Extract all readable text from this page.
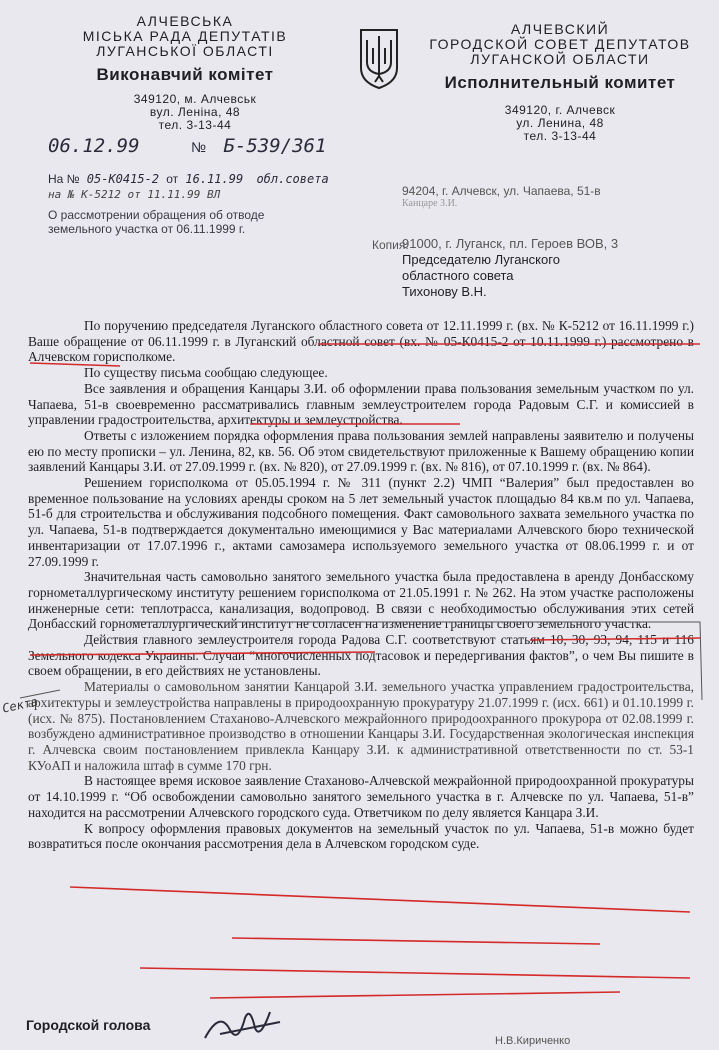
АЛЧЕВСЬКА
МІСЬКА РАДА ДЕПУТАТІВ
ЛУГАНСЬКОЇ ОБЛАСТІ
Виконавчий комітет
349120, м. Алчевськ
вул. Леніна, 48
тел. 3-13-44
АЛЧЕВСКИЙ
ГОРОДСКОЙ СОВЕТ ДЕПУТАТОВ
ЛУГАНСКОЙ ОБЛАСТИ
Исполнительный комитет
349120, г. Алчевск
ул. Ленина, 48
тел. 3-13-44
06.12.99	№ Б-539/361
На № 05-К0415-2 от 16.11.99 обл.совета
на № К-5212 от 11.11.99 ВЛ
О рассмотрении обращения об отводе земельного участка от 06.11.1999 г.
94204, г. Алчевск, ул. Чапаева, 51-в
Канцаре З.И.
Копия:
91000, г. Луганск, пл. Героев ВОВ, 3
Председателю Луганского
областного совета
Тихонову В.Н.

По поручению председателя Луганского областного совета от 12.11.1999 г. (вх. № К-5212 от 16.11.1999 г.) Ваше обращение от 06.11.1999 г. в Луганский областной совет (вх. № 05-К0415-2 от 10.11.1999 г.) рассмотрено в Алчевском горисполкоме.

По существу письма сообщаю следующее.

Все заявления и обращения Канцары З.И. об оформлении права пользования земельным участком по ул. Чапаева, 51-в своевременно рассматривались главным землеустроителем города Радовым С.Г. и комиссией в управлении градостроительства, архитектуры и землеустройства.

Ответы с изложением порядка оформления права пользования землей направлены заявителю и получены ею по месту прописки – ул. Ленина, 82, кв. 56. Об этом свидетельствуют приложенные к Вашему обращению копии заявлений Канцары З.И. от 27.09.1999 г. (вх. № 820), от 27.09.1999 г. (вх. № 816), от 07.10.1999 г. (вх. № 864).

Решением горисполкома от 05.05.1994 г. № 311 (пункт 2.2) ЧМП “Валерия” был предоставлен во временное пользование на условиях аренды сроком на 5 лет земельный участок площадью 84 кв.м по ул. Чапаева, 51-б для строительства и обслуживания подсобного помещения. Факт самовольного захвата земельного участка по ул. Чапаева, 51-в подтверждается документально имеющимися у Вас материалами Алчевского бюро технической инвентаризации от 17.07.1996 г., актами самозамера используемого земельного участка от 08.06.1999 г. и от 27.09.1999 г.

Значительная часть самовольно занятого земельного участка была предоставлена в аренду Донбасскому горнометаллургическому институту решением горисполкома от 21.05.1991 г. № 262. На этом участке расположены инженерные сети: теплотрасса, канализация, водопровод. В связи с необходимостью обслуживания этих сетей Донбасский горнометаллургический институт не согласен на изменение границы своего земельного участка.

Действия главного землеустроителя города Радова С.Г. соответствуют статьям 10, 30, 93, 94, 115 и 116 Земельного кодекса Украины. Случаи “многочисленных подтасовок и передергивания фактов”, о чем Вы пишите в своем обращении, в его действиях не установлены.

Материалы о самовольном занятии Канцарой З.И. земельного участка управлением градостроительства, архитектуры и землеустройства направлены в природоохранную прокуратуру 21.07.1999 г. (исх. 661) и 01.10.1999 г. (исх. № 875). Постановлением Стаханово-Алчевского межрайонного природоохранного прокурора от 02.08.1999 г. возбуждено административное производство в отношении Канцары З.И. Государственная экологическая инспекция г. Алчевска своим постановлением привлекла Канцару З.И. к административной ответственности по ст. 53-1 КУоАП и наложила штаф в сумме 170 грн.

В настоящее время исковое заявление Стаханово-Алчевской межрайонной природоохранной прокуратуры от 14.10.1999 г. “Об освобождении самовольно занятого земельного участка в г. Алчевске по ул. Чапаева, 51-в” находится на рассмотрении Алчевского городского суда. Ответчиком по делу является Канцара З.И.

К вопросу оформления правовых документов на земельный участок по ул. Чапаева, 51-в можно будет возвратиться после окончания рассмотрения дела в Алчевском городском суде.

Секта
Городской голова
Н.В.Кириченко
